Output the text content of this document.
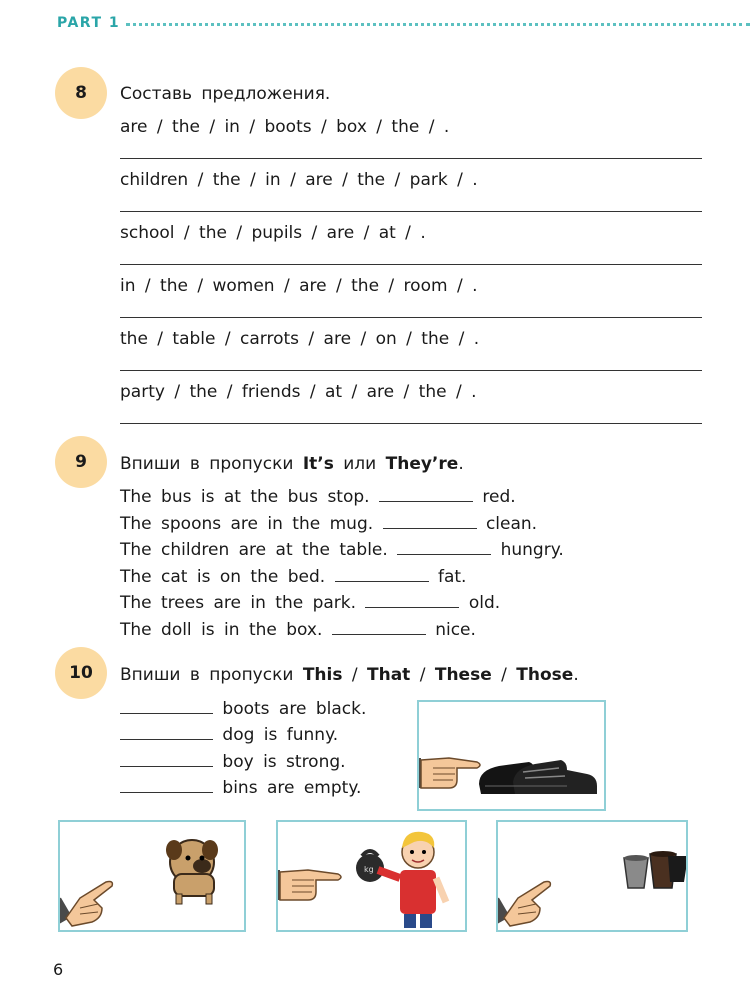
PART 1
8	Составь предложения.
are / the / in / boots / box / the / .
children / the / in / are / the / park / .
school / the / pupils / are / at / .
in / the / women / are / the / room / .
the / table / carrots / are / on / the / .
party / the / friends / at / are / the / .
9	Впиши в пропуски It’s или They’re.
The bus is at the bus stop.	red.
The spoons are in the mug.	clean.
The children are at the table.	hungry.
The cat is on the bed.	fat.
The trees are in the park.	old.
The doll is in the box.	nice.
10	Впиши в пропуски This / That / These / Those.
boots are black.
dog is funny.
boy is strong.
bins are empty.
kg
6
